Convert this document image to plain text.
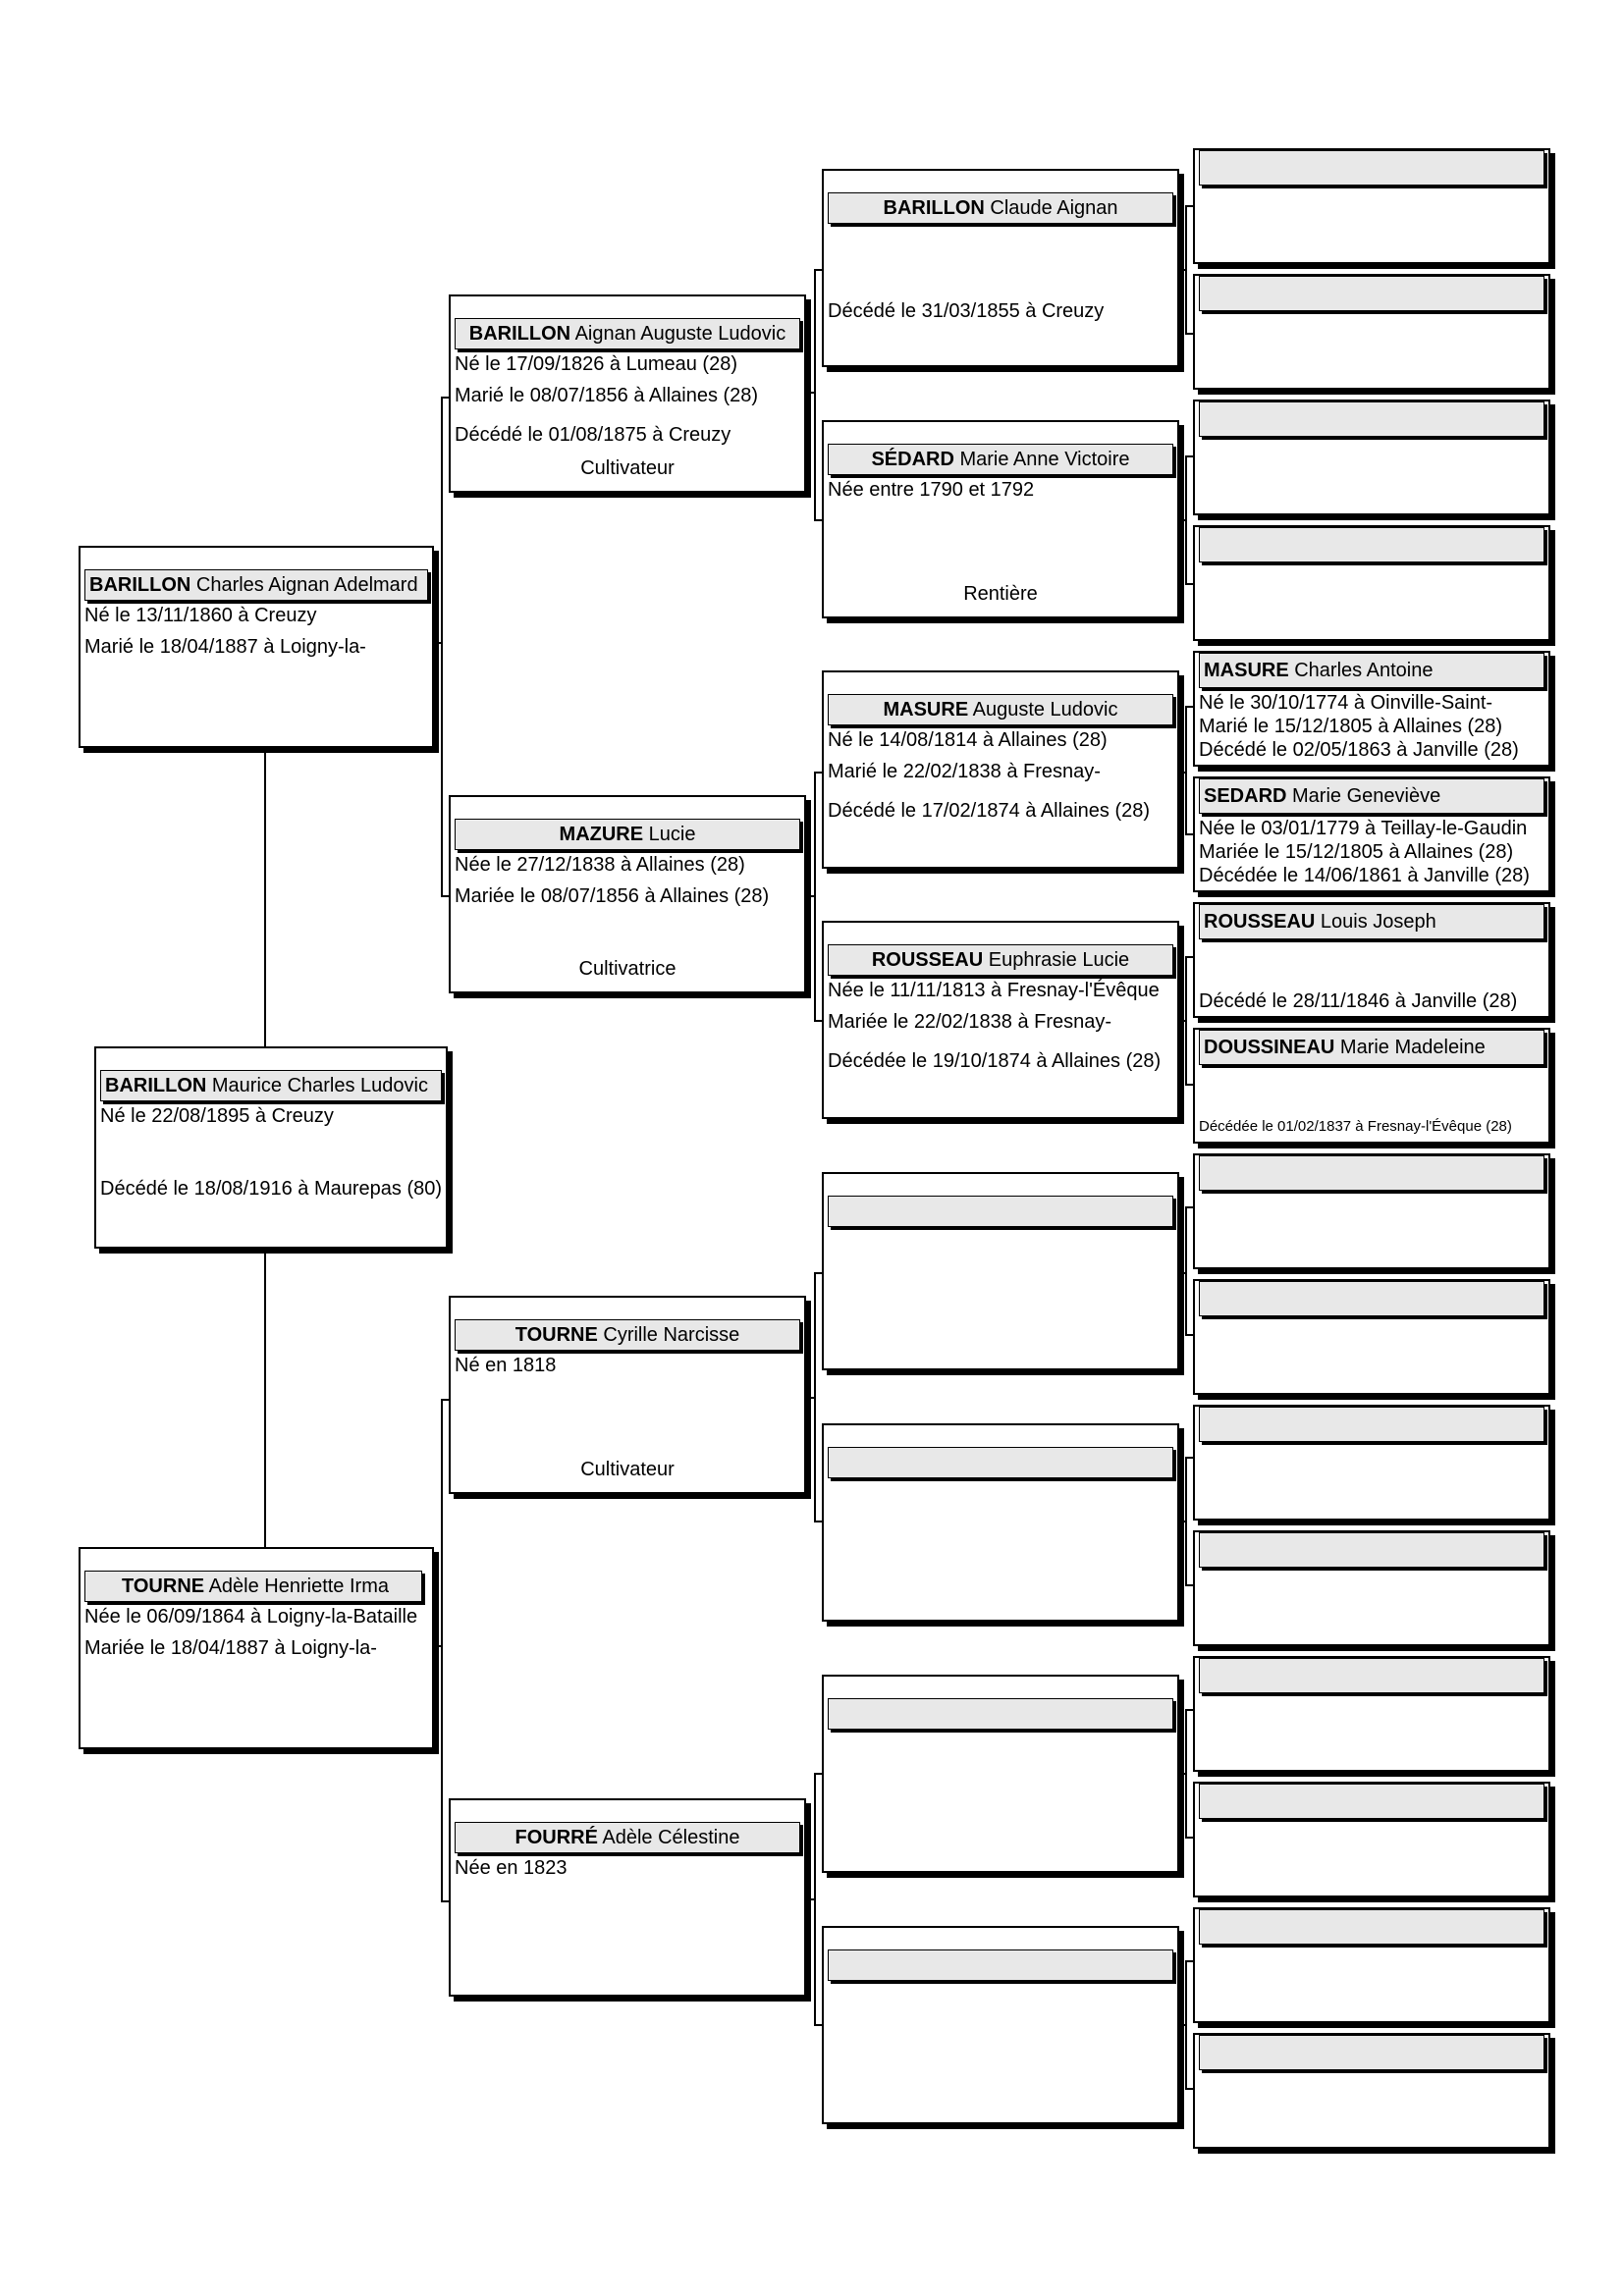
BARILLON Maurice Charles Ludovic
Né le 22/08/1895 à Creuzy
Décédé le 18/08/1916 à Maurepas (80)
BARILLON Charles Aignan Adelmard
Né le 13/11/1860 à Creuzy
Marié le 18/04/1887 à Loigny-la-
TOURNE Adèle Henriette Irma
Née le 06/09/1864 à Loigny-la-Bataille
Mariée le 18/04/1887 à Loigny-la-
BARILLON Aignan Auguste Ludovic
Né le 17/09/1826 à Lumeau (28)
Marié le 08/07/1856 à Allaines (28)
Décédé le 01/08/1875 à Creuzy
Cultivateur
MAZURE Lucie
Née le 27/12/1838 à Allaines (28)
Mariée le 08/07/1856 à Allaines (28)
Cultivatrice
TOURNE Cyrille Narcisse
Né en 1818
Cultivateur
FOURRÉ Adèle Célestine
Née en 1823
BARILLON Claude Aignan
Décédé le 31/03/1855 à Creuzy
SÉDARD Marie Anne Victoire
Née entre 1790 et 1792
Rentière
MASURE Auguste Ludovic
Né le 14/08/1814 à Allaines (28)
Marié le 22/02/1838 à Fresnay-
Décédé le 17/02/1874 à Allaines (28)
ROUSSEAU Euphrasie Lucie
Née le 11/11/1813 à Fresnay-l'Évêque
Mariée le 22/02/1838 à Fresnay-
Décédée le 19/10/1874 à Allaines (28)
MASURE Charles Antoine
Né le 30/10/1774 à Oinville-Saint-
Marié le 15/12/1805 à Allaines (28)
Décédé le 02/05/1863 à Janville (28)
SEDARD Marie Geneviève
Née le 03/01/1779 à Teillay-le-Gaudin
Mariée le 15/12/1805 à Allaines (28)
Décédée le 14/06/1861 à Janville (28)
ROUSSEAU Louis Joseph
Décédé le 28/11/1846 à Janville (28)
DOUSSINEAU Marie Madeleine
Décédée le 01/02/1837 à Fresnay-l'Évêque (28)
